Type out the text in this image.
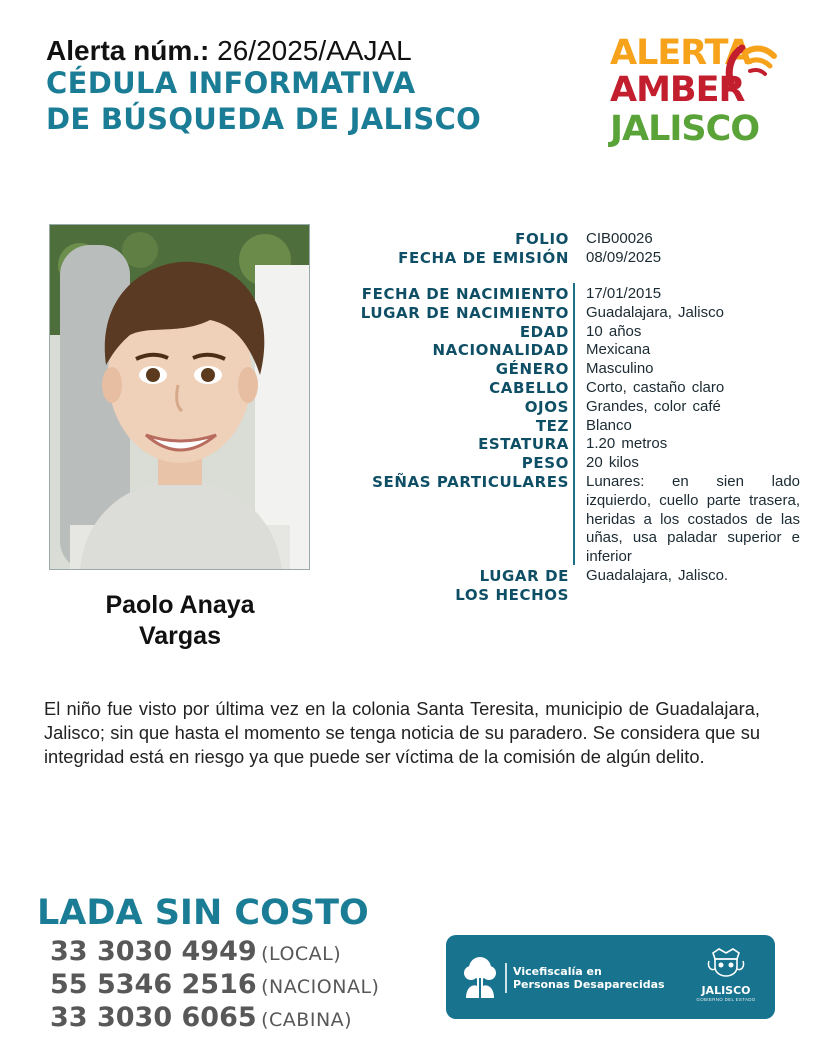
Alerta núm.: 26/2025/AAJAL
CÉDULA INFORMATIVA
DE BÚSQUEDA DE JALISCO
ALERTA
AMBER
JALISCO
Paolo Anaya
Vargas
FOLIO CIB00026
FECHA DE EMISIÓN 08/09/2025
FECHA DE NACIMIENTO 17/01/2015
LUGAR DE NACIMIENTO Guadalajara, Jalisco
EDAD 10 años
NACIONALIDAD Mexicana
GÉNERO Masculino
CABELLO Corto, castaño claro
OJOS Grandes, color café
TEZ Blanco
ESTATURA 1.20 metros
PESO 20 kilos
SEÑAS PARTICULARES Lunares: en sien lado izquierdo, cuello parte trasera, heridas a los costados de las uñas, usa paladar superior e inferior
LUGAR DE LOS HECHOS
Guadalajara, Jalisco.

El niño fue visto por última vez en la colonia Santa Teresita, municipio de Guadalajara, Jalisco; sin que hasta el momento se tenga noticia de su paradero. Se considera que su integridad está en riesgo ya que puede ser víctima de la comisión de algún delito.

LADA SIN COSTO
33 3030 4949 (LOCAL)
55 5346 2516 (NACIONAL)
33 3030 6065 (CABINA)
Vicefiscalía en
Personas Desaparecidas	JALISCO
GOBIERNO DEL ESTADO
